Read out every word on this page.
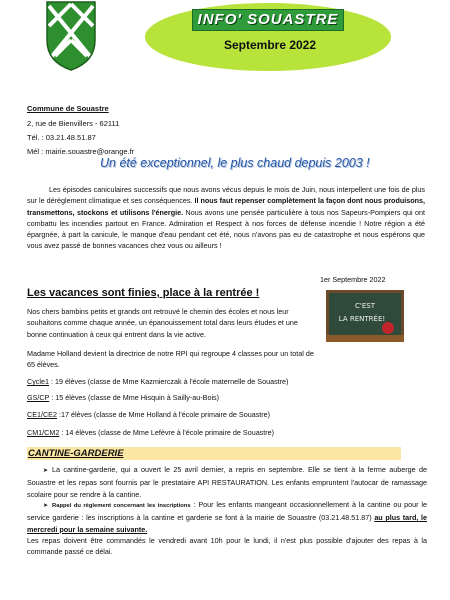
INFO' SOUASTRE
Septembre 2022
Commune de Souastre
2, rue de Bienvillers - 62111
Tél. : 03.21.48.51.87
Mél : mairie.souastre@orange.fr
Un été exceptionnel, le plus chaud depuis 2003 !
Les épisodes caniculaires successifs que nous avons vécus depuis le mois de Juin, nous interpellent une fois de plus sur le dérèglement climatique et ses conséquences. Il nous faut repenser complètement la façon dont nous produisons, transmettons, stockons et utilisons l'énergie. Nous avons une pensée particulière à tous nos Sapeurs-Pompiers qui ont combattu les incendies partout en France. Admiration et Respect à nos forces de défense incendie ! Notre région a été épargnée, à part la canicule, le manque d'eau pendant cet été, nous n'avons pas eu de catastrophe et nous espérons que vous avez passé de bonnes vacances chez vous ou ailleurs !
1er Septembre 2022
Les vacances sont finies, place à la rentrée !
C'EST
LA RENTRÉE!
Nos chers bambins petits et grands ont retrouvé le chemin des écoles et nous leur souhaitons comme chaque année, un épanouissement total dans leurs études et une bonne continuation à ceux qui entrent dans la vie active.
Madame Holland devient la directrice de notre RPI qui regroupe 4 classes pour un total de 65 élèves.
Cycle1 : 19 élèves (classe de Mme Kazmierczak à l'école maternelle de Souastre)
GS/CP : 15 élèves (classe de Mme Hisquin à Sailly-au-Bois)
CE1/CE2 :17 élèves (classe de Mme Holland à l'école primaire de Souastre)
CM1/CM2 : 14 élèves (classe de Mme Lefèvre à l'école primaire de Souastre)
CANTINE-GARDERIE
➤ La cantine-garderie, qui a ouvert le 25 avril dernier, a repris en septembre. Elle se tient à la ferme auberge de Souastre et les repas sont fournis par le prestataire API RESTAURATION. Les enfants empruntent l'autocar de ramassage scolaire pour se rendre à la cantine.
➤ Rappel du règlement concernant les inscriptions : Pour les enfants mangeant occasionnellement à la cantine ou pour le service garderie : les inscriptions à la cantine et garderie se font à la mairie de Souastre (03.21.48.51.87) au plus tard, le mercredi pour la semaine suivante.
Les repas doivent être commandés le vendredi avant 10h pour le lundi, il n'est plus possible d'ajouter des repas à la commande passé ce délai.
